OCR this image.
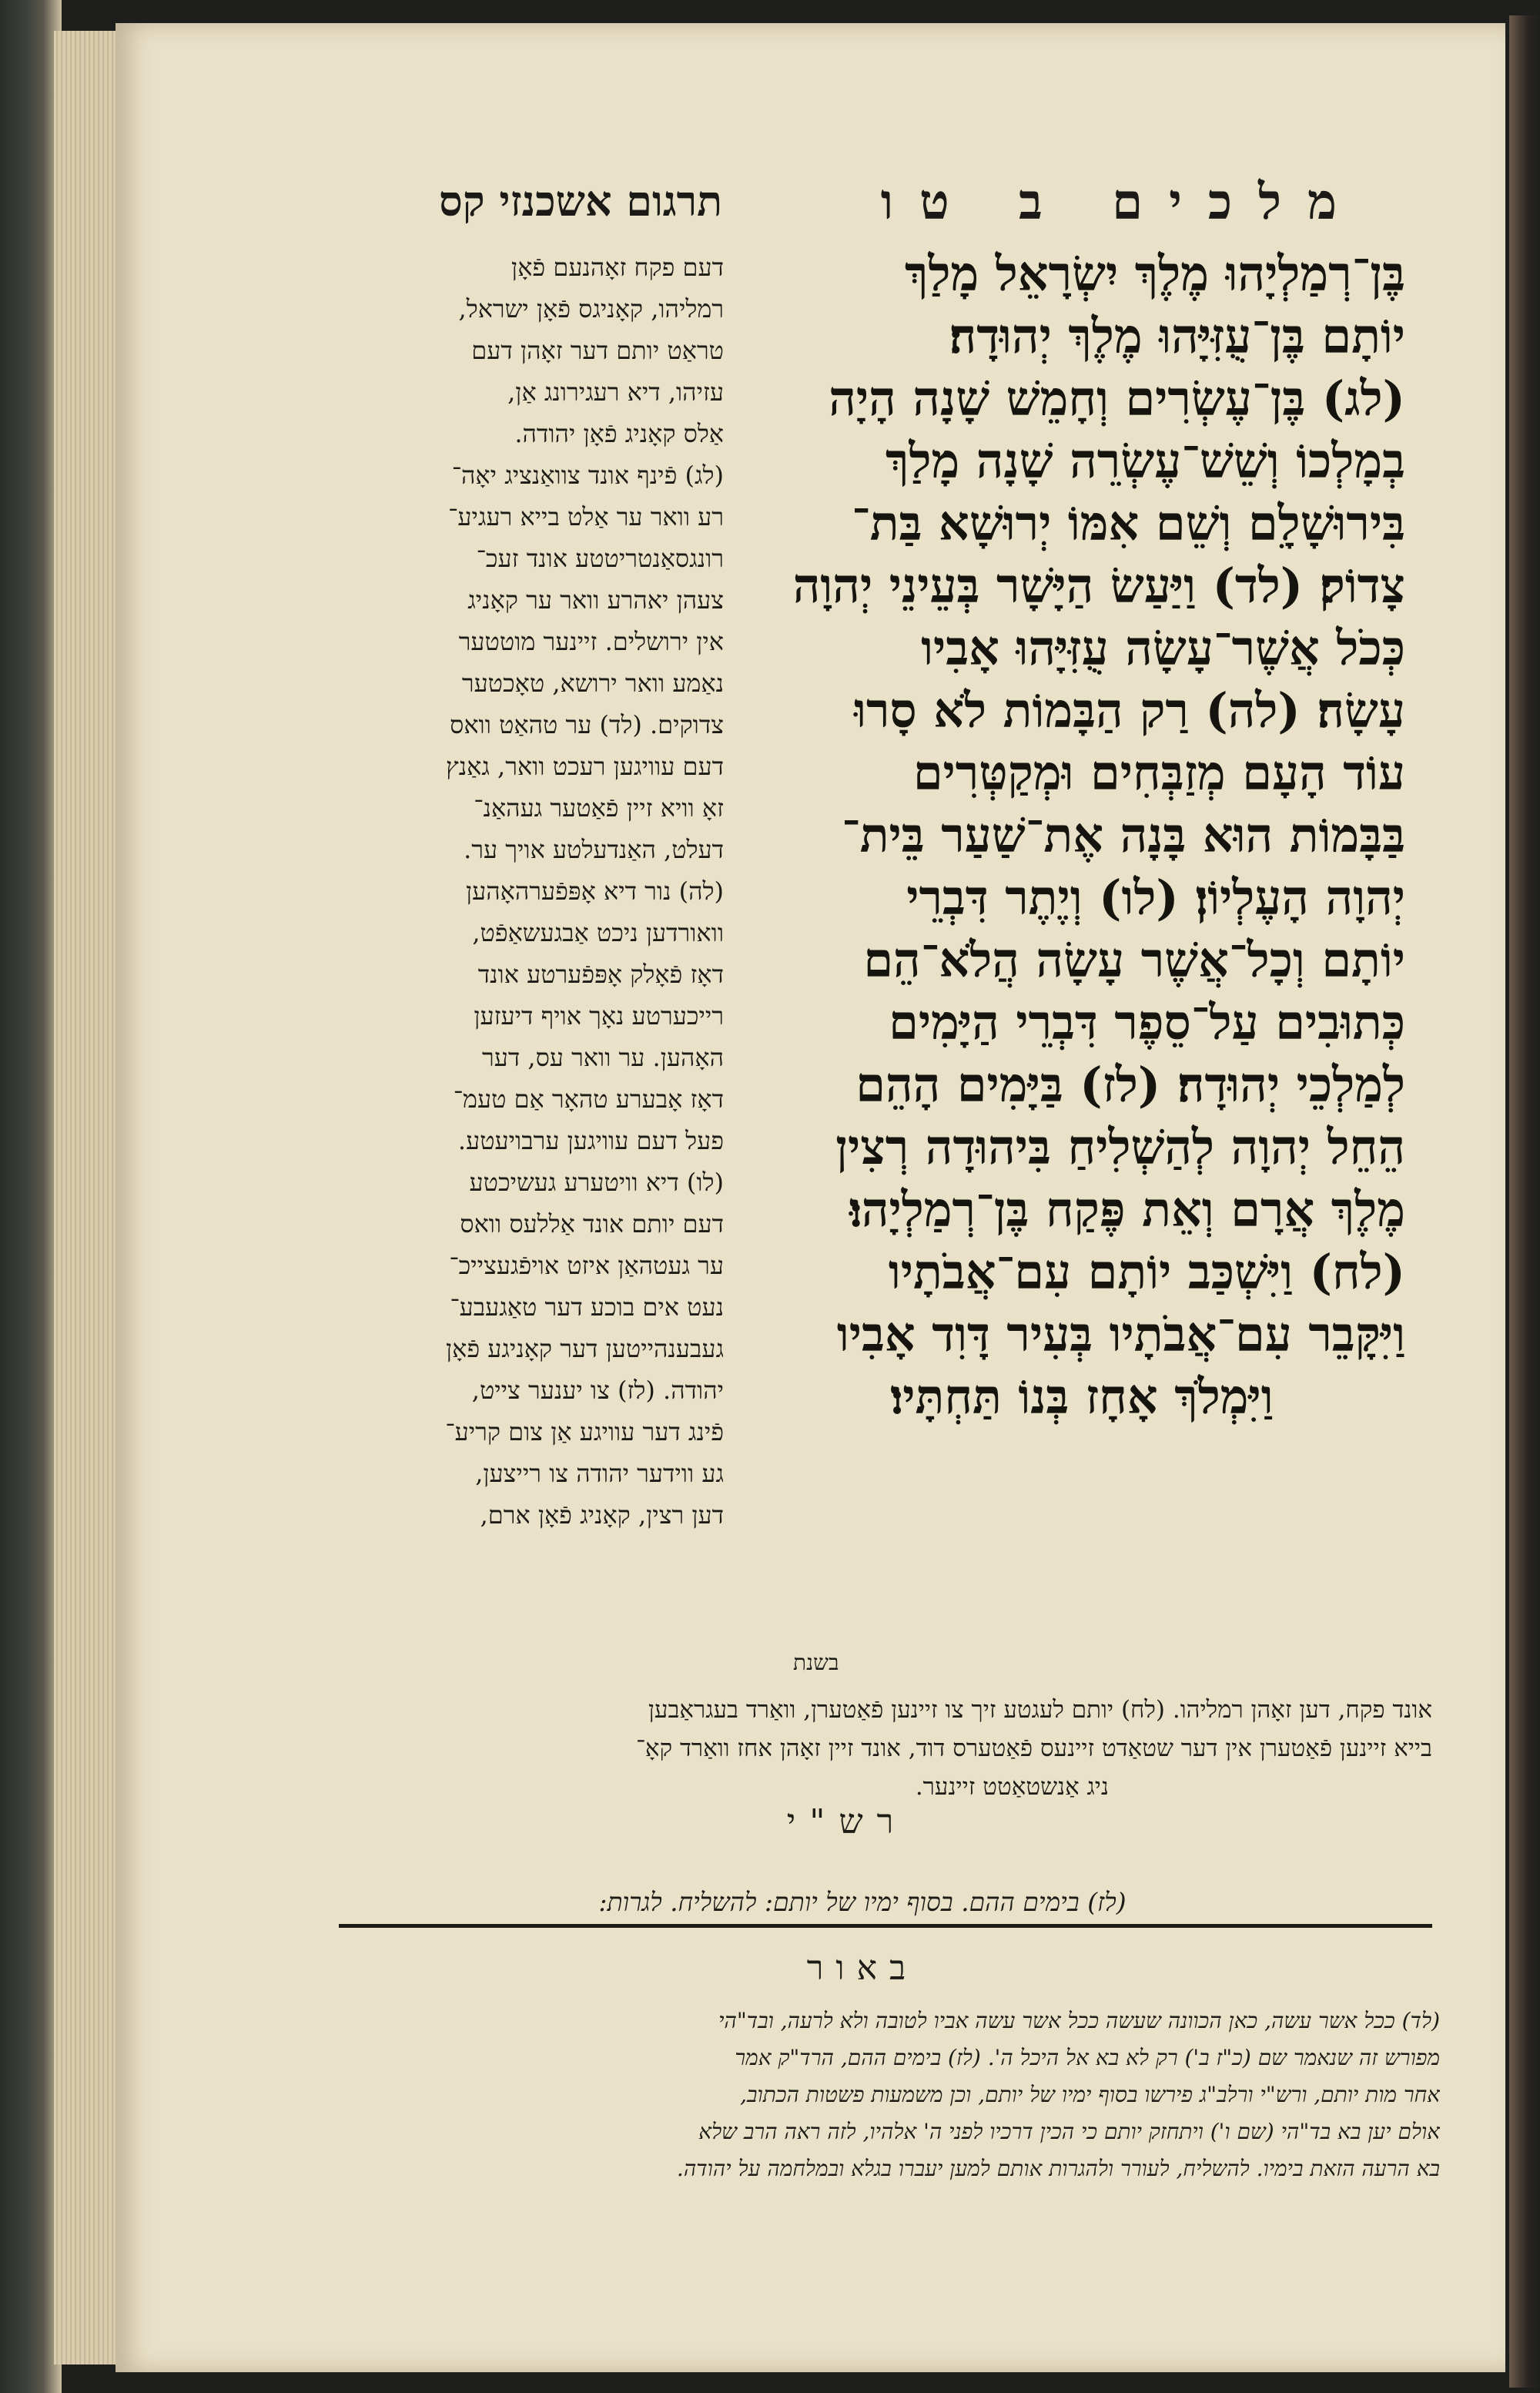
מלכים ב טו
תרגום אשכנזי קס
בֶּן־רְמַלְיָהוּ מֶלֶךְ יִשְׂרָאֵל מָלַךְ
יוֹתָם בֶּן־עֻזִּיָּהוּ מֶלֶךְ יְהוּדָה׃
(לג) בֶּן־עֶשְׂרִים וְחָמֵשׁ שָׁנָה הָיָה
בְמָלְכוֹ וְשֵׁשׁ־עֶשְׂרֵה שָׁנָה מָלַךְ
בִּירוּשָׁלָ͏ִם וְשֵׁם אִמּוֹ יְרוּשָׁא בַּת־
צָדוֹק׃ (לד) וַיַּעַשׂ הַיָּשָׁר בְּעֵינֵי יְהוָה
כְּכֹל אֲשֶׁר־עָשָׂה עֻזִּיָּהוּ אָבִיו
עָשָׂה׃ (לה) רַק הַבָּמוֹת לֹא סָרוּ
עוֹד הָעָם מְזַבְּחִים וּמְקַטְּרִים
בַּבָּמוֹת הוּא בָּנָה אֶת־שַׁעַר בֵּית־
יְהוָה הָעֶלְיוֹן׃ (לו) וְיֶתֶר דִּבְרֵי
יוֹתָם וְכָל־אֲשֶׁר עָשָׂה הֲלֹא־הֵם
כְּתוּבִים עַל־סֵפֶר דִּבְרֵי הַיָּמִים
לְמַלְכֵי יְהוּדָה׃ (לז) בַּיָּמִים הָהֵם
הֵחֵל יְהוָה לְהַשְׁלִיחַ בִּיהוּדָה רְצִין
מֶלֶךְ אֲרָם וְאֵת פֶּקַח בֶּן־רְמַלְיָהוּ׃
(לח) וַיִּשְׁכַּב יוֹתָם עִם־אֲבֹתָיו
וַיִּקָּבֵר עִם־אֲבֹתָיו בְּעִיר דָּוִד אָבִיו
וַיִּמְלֹךְ אָחָז בְּנוֹ תַּחְתָּיו׃
דעם פקח זאָהנעם פֿאָן
רמליהו, קאָניגס פֿאָן ישראל,
טראַט יותם דער זאָהן דעם
עזיהו, דיא רעגירונג אַן,
אַלס קאָניג פֿאָן יהודה.
(לג) פֿינף אונד צוואַנציג יאָה־
רע וואר ער אַלט בייא רעגיע־
רונגסאַנטריטטע אונד זעכ־
צעהן יאהרע וואר ער קאָניג
אין ירושלים. זיינער מוטטער
נאַמע וואר ירושא, טאָכטער
צדוקים. (לד) ער טהאַט וואס
דעם עוויגען רעכט וואר, גאַנץ
זאָ וויא זיין פֿאַטער געהאַנ־
דעלט, האַנדעלטע אויך ער.
(לה) נור דיא אָפּפֿערהאָהען
וואורדען ניכט אַבגעשאַפֿט,
דאָז פֿאָלק אָפּפֿערטע אונד
רייכערטע נאָך אויף דיעזען
האָהען. ער וואר עס, דער
דאָז אָבערע טהאָר אַם טעמ־
פעל דעם עוויגען ערבויעטע.
(לו) דיא וויטערע געשיכטע
דעם יותם אונד אַללעס וואס
ער געטהאַן איזט אויפֿגעצייכ־
נעט אים בוכע דער טאַגעבע־
געבענהייטען דער קאָניגע פֿאָן
יהודה. (לז) צו יענער צייט,
פֿינג דער עוויגע אַן צום קריע־
גע ווידער יהודה צו רייצען,
דען רצין, קאָניג פֿאָן ארם,
בשנת
אונד פקח, דען זאָהן רמליהו. (לח) יותם לעגטע זיך צו זיינען פֿאַטערן, וואַרד בעגראַבען
בייא זיינען פֿאַטערן אין דער שטאַדט זיינעס פֿאַטערס דוד, אונד זיין זאָהן אחז וואַרד קאָ־
ניג אַנשטאַטט זיינער.
רש"י
(לז) בימים ההם. בסוף ימיו של יותם: להשליח. לגרות:
באור
(לד) ככל אשר עשה, כאן הכוונה שעשה ככל אשר עשה אביו לטובה ולא לרעה, ובד"הי
מפורש זה שנאמר שם (כ"ז ב') רק לא בא אל היכל ה'. (לז) בימים ההם, הרד"ק אמר
אחר מות יותם, ורש"י ורלב"ג פירשו בסוף ימיו של יותם, וכן משמעות פשטות הכתוב,
אולם יען בא בד"הי (שם ו') ויתחזק יותם כי הכין דרכיו לפני ה' אלהיו, לזה ראה הרב שלא
בא הרעה הזאת בימיו. להשליח, לעורר ולהגרות אותם למען יעברו בגלא ובמלחמה על יהודה.
